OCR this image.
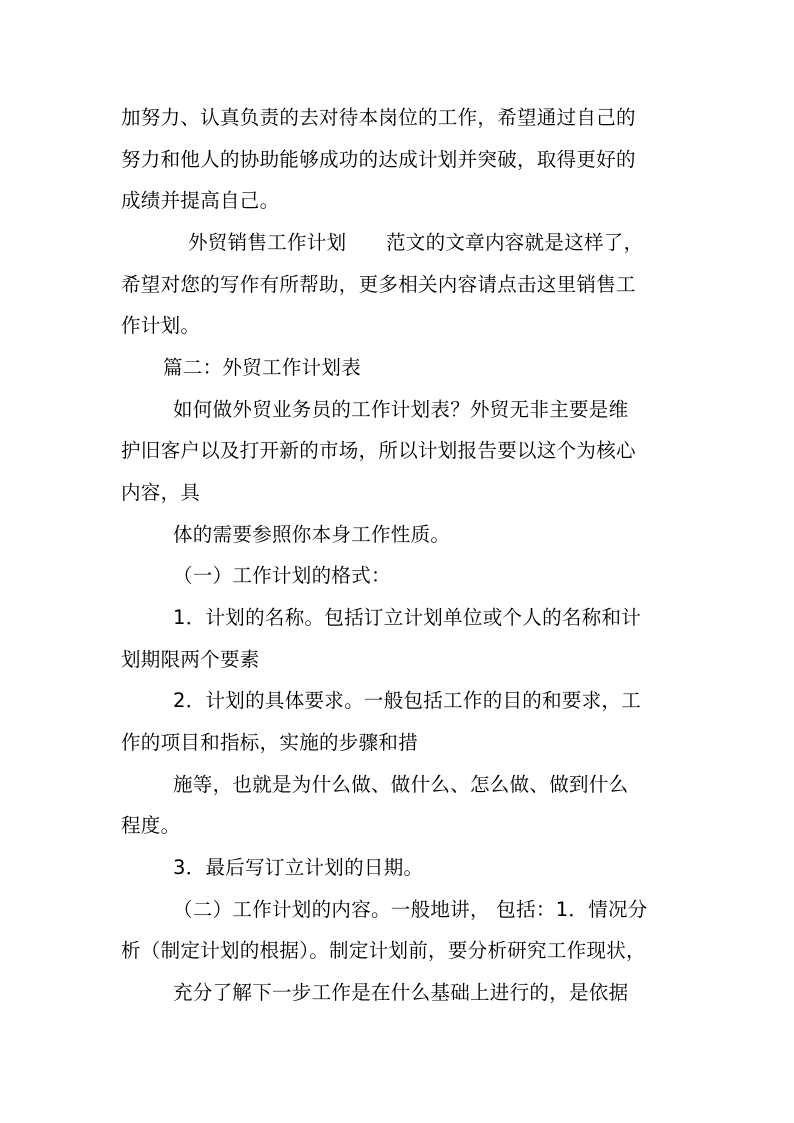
加努力、认真负责的去对待本岗位的工作，希望通过自己的
努力和他人的协助能够成功的达成计划并突破，取得更好的
成绩并提高自己。
外贸销售工作计划　　范文的文章内容就是这样了，
希望对您的写作有所帮助，更多相关内容请点击这里销售工
作计划。
篇二：外贸工作计划表
如何做外贸业务员的工作计划表？外贸无非主要是维
护旧客户以及打开新的市场，所以计划报告要以这个为核心
内容，具
体的需要参照你本身工作性质。
（一）工作计划的格式：
1．计划的名称。包括订立计划单位或个人的名称和计
划期限两个要素
2．计划的具体要求。一般包括工作的目的和要求，工
作的项目和指标，实施的步骤和措
施等，也就是为什么做、做什么、怎么做、做到什么
程度。
3．最后写订立计划的日期。
（二）工作计划的内容。一般地讲， 包括：1．情况分
析（制定计划的根据）。制定计划前，要分析研究工作现状，
充分了解下一步工作是在什么基础上进行的，是依据
